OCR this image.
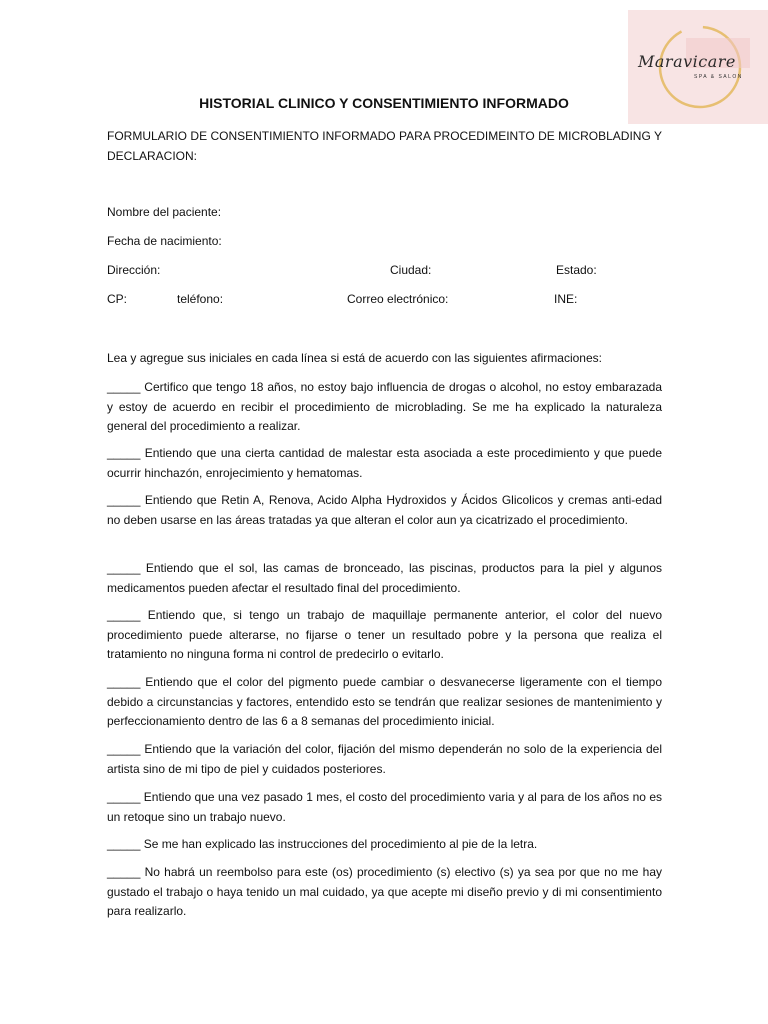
Maravicare
SPA & SALON
HISTORIAL CLINICO Y CONSENTIMIENTO INFORMADO
FORMULARIO DE CONSENTIMIENTO INFORMADO PARA PROCEDIMEINTO DE MICROBLADING Y DECLARACION:
Nombre del paciente:
Fecha de nacimiento:
Dirección:	Ciudad:	Estado:
CP:	teléfono:	Correo electrónico:	INE:
Lea y agregue sus iniciales en cada línea si está de acuerdo con las siguientes afirmaciones:
_____ Certifico que tengo 18 años, no estoy bajo influencia de drogas o alcohol, no estoy embarazada y estoy de acuerdo en recibir el procedimiento de microblading. Se me ha explicado la naturaleza general del procedimiento a realizar.
_____ Entiendo que una cierta cantidad de malestar esta asociada a este procedimiento y que puede ocurrir hinchazón, enrojecimiento y hematomas.
_____ Entiendo que Retin A, Renova, Acido Alpha Hydroxidos y Ácidos Glicolicos y cremas anti-edad no deben usarse en las áreas tratadas ya que alteran el color aun ya cicatrizado el procedimiento.
_____ Entiendo que el sol, las camas de bronceado, las piscinas, productos para la piel y algunos medicamentos pueden afectar el resultado final del procedimiento.
_____ Entiendo que, si tengo un trabajo de maquillaje permanente anterior, el color del nuevo procedimiento puede alterarse, no fijarse o tener un resultado pobre y la persona que realiza el tratamiento no ninguna forma ni control de predecirlo o evitarlo.
_____ Entiendo que el color del pigmento puede cambiar o desvanecerse ligeramente con el tiempo debido a circunstancias y factores, entendido esto se tendrán que realizar sesiones de mantenimiento y perfeccionamiento dentro de las 6 a 8 semanas del procedimiento inicial.
_____ Entiendo que la variación del color, fijación del mismo dependerán no solo de la experiencia del artista sino de mi tipo de piel y cuidados posteriores.
_____ Entiendo que una vez pasado 1 mes, el costo del procedimiento varia y al para de los años no es un retoque sino un trabajo nuevo.
_____ Se me han explicado las instrucciones del procedimiento al pie de la letra.
_____ No habrá un reembolso para este (os) procedimiento (s) electivo (s) ya sea por que no me hay gustado el trabajo o haya tenido un mal cuidado, ya que acepte mi diseño previo y di mi consentimiento para realizarlo.
